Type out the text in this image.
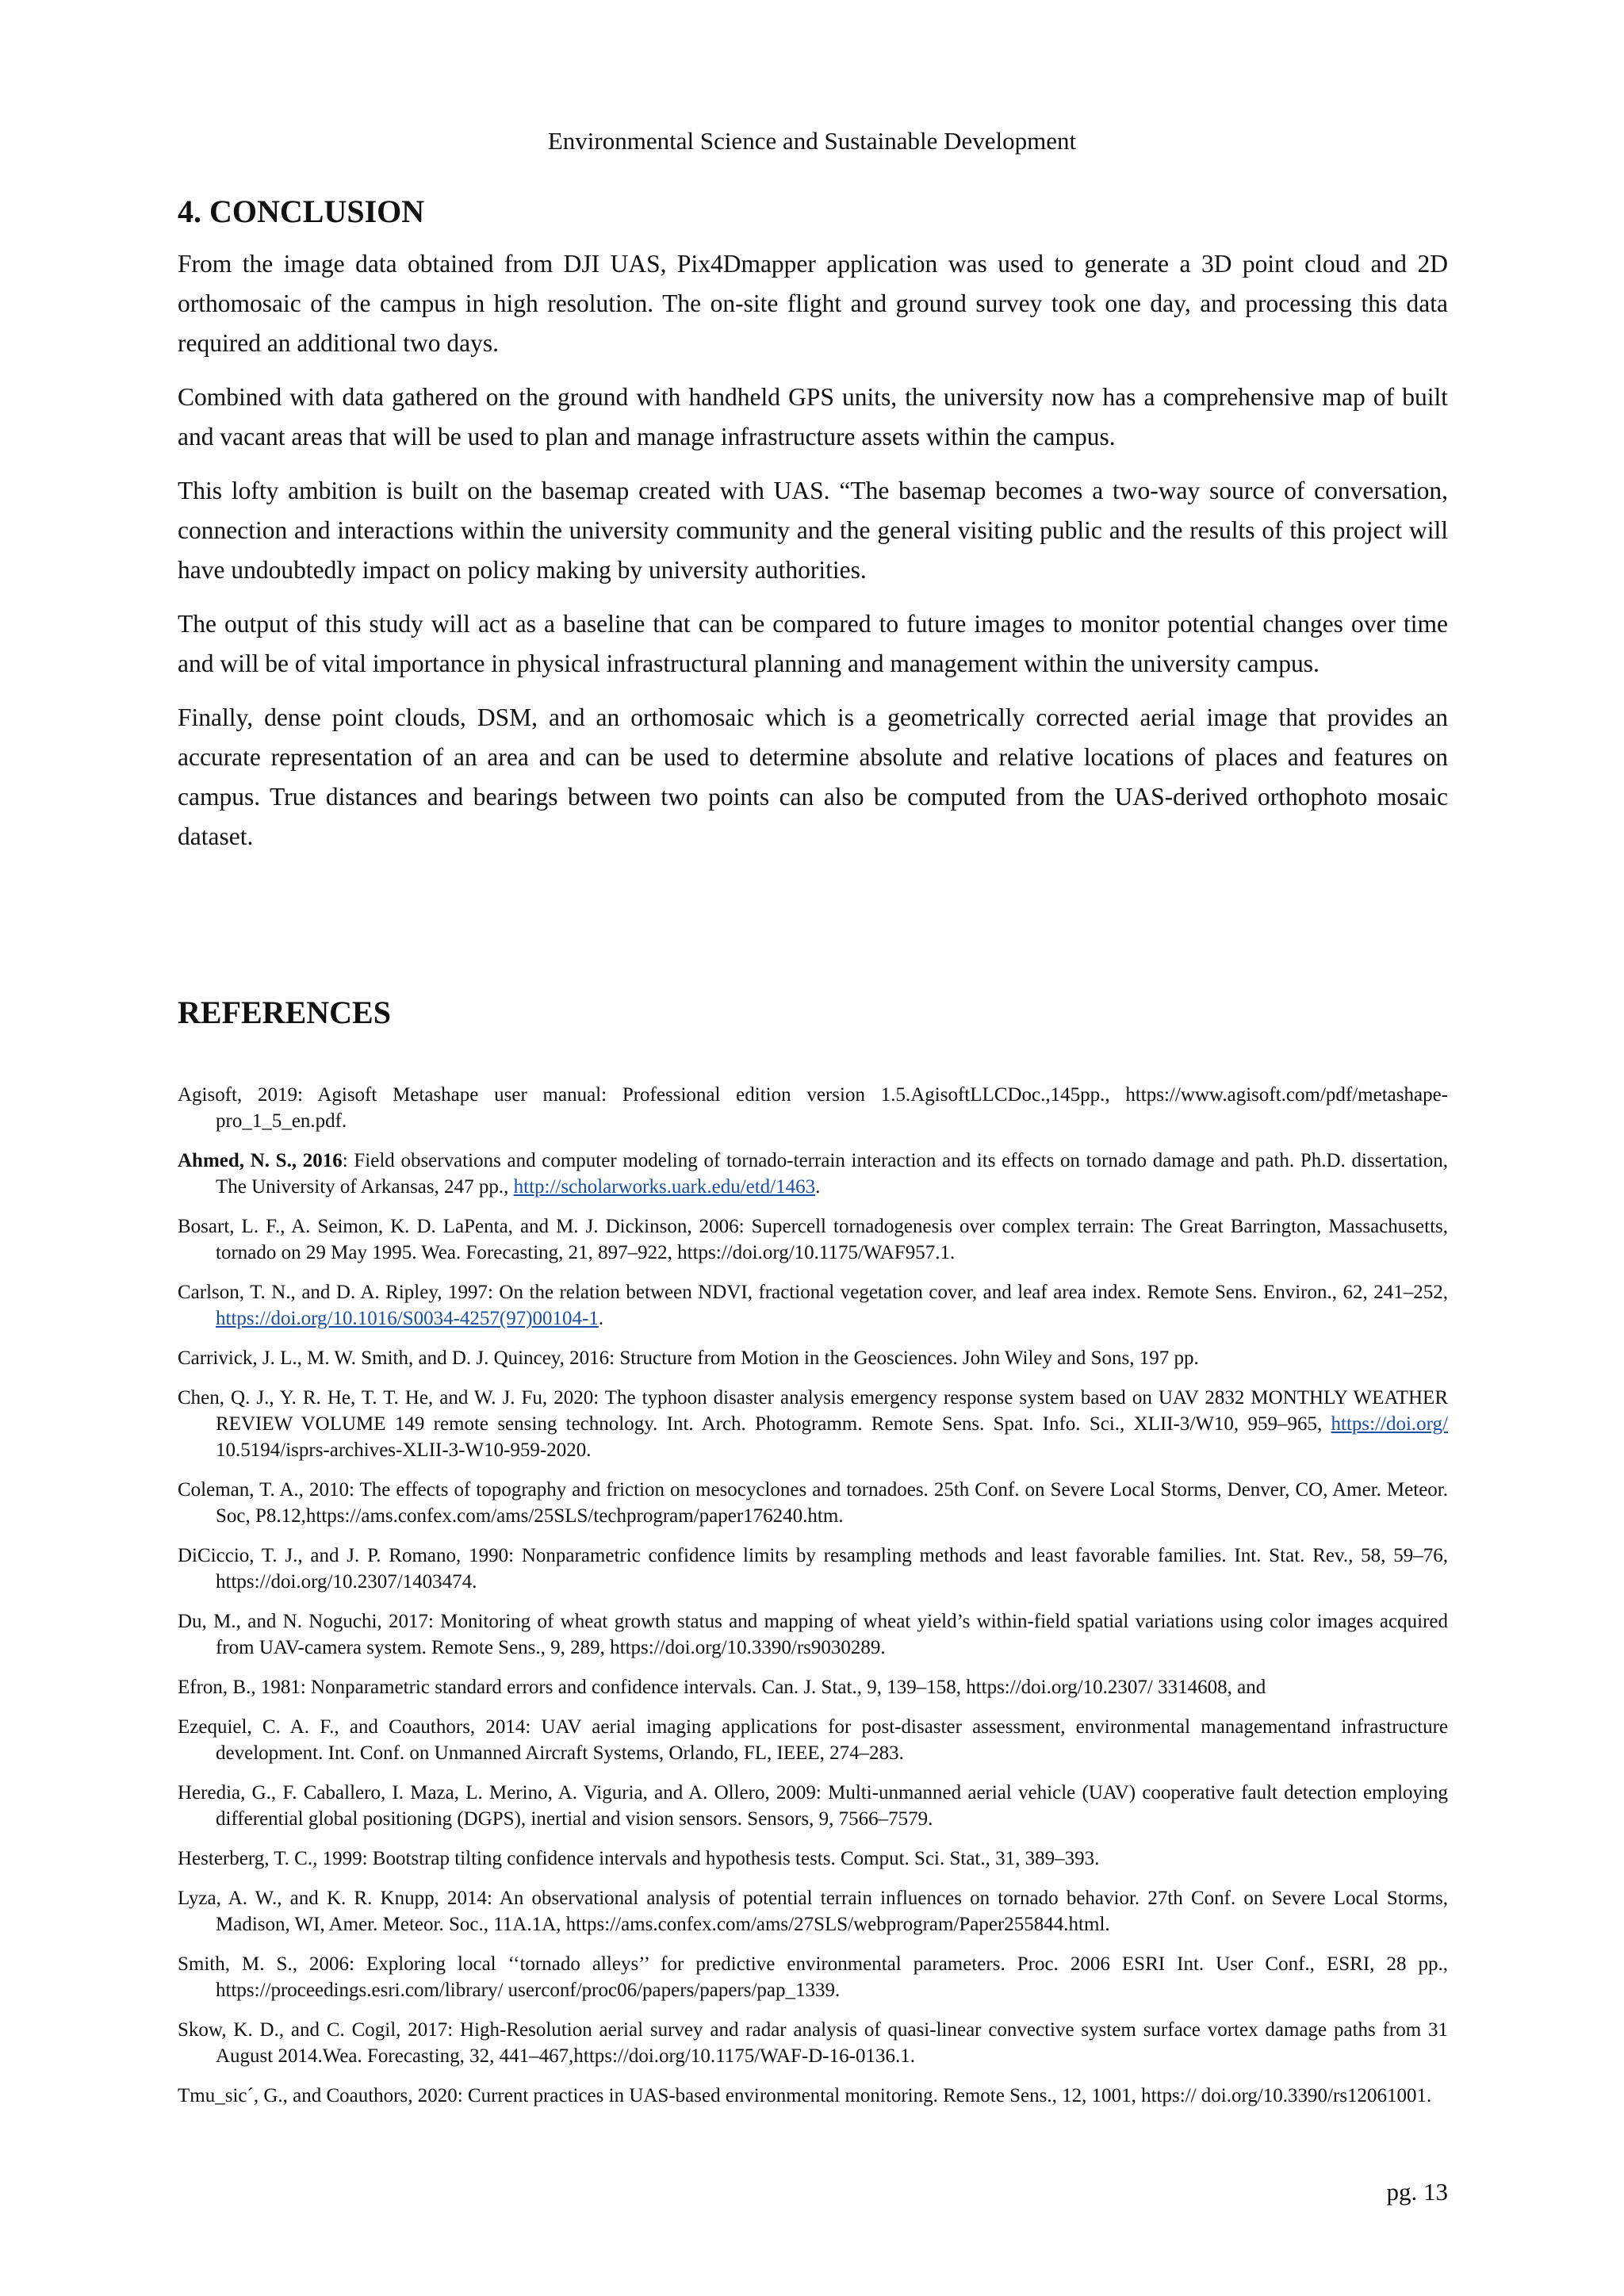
Environmental Science and Sustainable Development
4. CONCLUSION

From the image data obtained from DJI UAS, Pix4Dmapper application was used to generate a 3D point cloud and 2D orthomosaic of the campus in high resolution. The on-site flight and ground survey took one day, and processing this data required an additional two days.

Combined with data gathered on the ground with handheld GPS units, the university now has a comprehensive map of built and vacant areas that will be used to plan and manage infrastructure assets within the campus.

This lofty ambition is built on the basemap created with UAS. “The basemap becomes a two-way source of conversation, connection and interactions within the university community and the general visiting public and the results of this project will have undoubtedly impact on policy making by university authorities.

The output of this study will act as a baseline that can be compared to future images to monitor potential changes over time and will be of vital importance in physical infrastructural planning and management within the university campus.

Finally, dense point clouds, DSM, and an orthomosaic which is a geometrically corrected aerial image that provides an accurate representation of an area and can be used to determine absolute and relative locations of places and features on campus. True distances and bearings between two points can also be computed from the UAS-derived orthophoto mosaic dataset.

REFERENCES
Agisoft, 2019: Agisoft Metashape user manual: Professional edition version 1.5.AgisoftLLCDoc.,145pp., https://www.agisoft.com/pdf/metashape-pro_1_5_en.pdf.
Ahmed, N. S., 2016: Field observations and computer modeling of tornado-terrain interaction and its effects on tornado damage and path. Ph.D. dissertation, The University of Arkansas, 247 pp., http://scholarworks.uark.edu/etd/1463.
Bosart, L. F., A. Seimon, K. D. LaPenta, and M. J. Dickinson, 2006: Supercell tornadogenesis over complex terrain: The Great Barrington, Massachusetts, tornado on 29 May 1995. Wea. Forecasting, 21, 897–922, https://doi.org/10.1175/WAF957.1.
Carlson, T. N., and D. A. Ripley, 1997: On the relation between NDVI, fractional vegetation cover, and leaf area index. Remote Sens. Environ., 62, 241–252, https://doi.org/10.1016/S0034-4257(97)00104-1.
Carrivick, J. L., M. W. Smith, and D. J. Quincey, 2016: Structure from Motion in the Geosciences. John Wiley and Sons, 197 pp.
Chen, Q. J., Y. R. He, T. T. He, and W. J. Fu, 2020: The typhoon disaster analysis emergency response system based on UAV 2832 MONTHLY WEATHER REVIEW VOLUME 149 remote sensing technology. Int. Arch. Photogramm. Remote Sens. Spat. Info. Sci., XLII-3/W10, 959–965, https://doi.org/ 10.5194/isprs-archives-XLII-3-W10-959-2020.
Coleman, T. A., 2010: The effects of topography and friction on mesocyclones and tornadoes. 25th Conf. on Severe Local Storms, Denver, CO, Amer. Meteor. Soc, P8.12,https://ams.confex.com/ams/25SLS/techprogram/paper176240.htm.
DiCiccio, T. J., and J. P. Romano, 1990: Nonparametric confidence limits by resampling methods and least favorable families. Int. Stat. Rev., 58, 59–76, https://doi.org/10.2307/1403474.
Du, M., and N. Noguchi, 2017: Monitoring of wheat growth status and mapping of wheat yield’s within-field spatial variations using color images acquired from UAV-camera system. Remote Sens., 9, 289, https://doi.org/10.3390/rs9030289.
Efron, B., 1981: Nonparametric standard errors and confidence intervals. Can. J. Stat., 9, 139–158, https://doi.org/10.2307/ 3314608, and
Ezequiel, C. A. F., and Coauthors, 2014: UAV aerial imaging applications for post-disaster assessment, environmental managementand infrastructure development. Int. Conf. on Unmanned Aircraft Systems, Orlando, FL, IEEE, 274–283.
Heredia, G., F. Caballero, I. Maza, L. Merino, A. Viguria, and A. Ollero, 2009: Multi-unmanned aerial vehicle (UAV) cooperative fault detection employing differential global positioning (DGPS), inertial and vision sensors. Sensors, 9, 7566–7579.
Hesterberg, T. C., 1999: Bootstrap tilting confidence intervals and hypothesis tests. Comput. Sci. Stat., 31, 389–393.
Lyza, A. W., and K. R. Knupp, 2014: An observational analysis of potential terrain influences on tornado behavior. 27th Conf. on Severe Local Storms, Madison, WI, Amer. Meteor. Soc., 11A.1A, https://ams.confex.com/ams/27SLS/webprogram/Paper255844.html.
Smith, M. S., 2006: Exploring local ‘‘tornado alleys’’ for predictive environmental parameters. Proc. 2006 ESRI Int. User Conf., ESRI, 28 pp., https://proceedings.esri.com/library/ userconf/proc06/papers/papers/pap_1339.
Skow, K. D., and C. Cogil, 2017: High-Resolution aerial survey and radar analysis of quasi-linear convective system surface vortex damage paths from 31 August 2014.Wea. Forecasting, 32, 441–467,https://doi.org/10.1175/WAF-D-16-0136.1.
Tmu_sic´, G., and Coauthors, 2020: Current practices in UAS-based environmental monitoring. Remote Sens., 12, 1001, https:// doi.org/10.3390/rs12061001.
pg. 13
